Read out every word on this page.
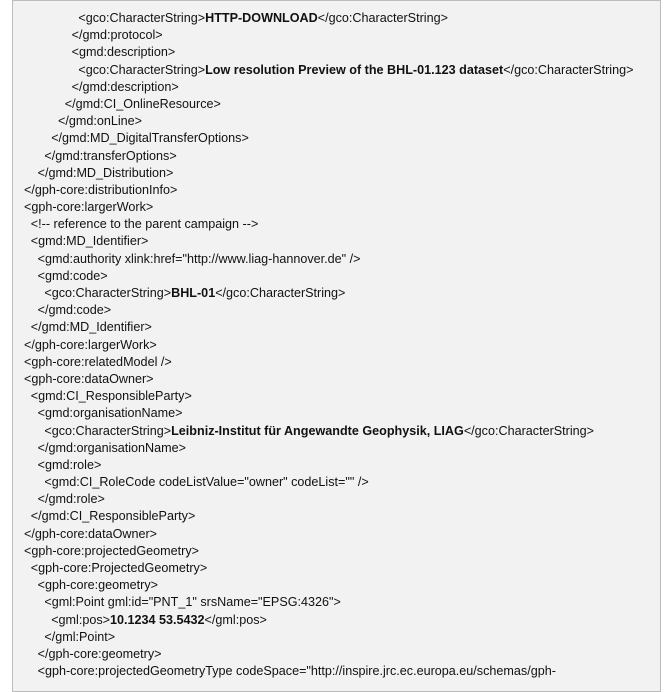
<gco:CharacterString>HTTP-DOWNLOAD</gco:CharacterString>
</gmd:protocol>
<gmd:description>
<gco:CharacterString>Low resolution Preview of the BHL-01.123 dataset</gco:CharacterString>
</gmd:description>
</gmd:CI_OnlineResource>
</gmd:onLine>
</gmd:MD_DigitalTransferOptions>
</gmd:transferOptions>
</gmd:MD_Distribution>
</gph-core:distributionInfo>
<gph-core:largerWork>
<!-- reference to the parent campaign -->
<gmd:MD_Identifier>
<gmd:authority xlink:href="http://www.liag-hannover.de" />
<gmd:code>
<gco:CharacterString>BHL-01</gco:CharacterString>
</gmd:code>
</gmd:MD_Identifier>
</gph-core:largerWork>
<gph-core:relatedModel />
<gph-core:dataOwner>
<gmd:CI_ResponsibleParty>
<gmd:organisationName>
<gco:CharacterString>Leibniz-Institut für Angewandte Geophysik, LIAG</gco:CharacterString>
</gmd:organisationName>
<gmd:role>
<gmd:CI_RoleCode codeListValue="owner" codeList="" />
</gmd:role>
</gmd:CI_ResponsibleParty>
</gph-core:dataOwner>
<gph-core:projectedGeometry>
<gph-core:ProjectedGeometry>
<gph-core:geometry>
<gml:Point gml:id="PNT_1" srsName="EPSG:4326">
<gml:pos>10.1234 53.5432</gml:pos>
</gml:Point>
</gph-core:geometry>
<gph-core:projectedGeometryType codeSpace="http://inspire.jrc.ec.europa.eu/schemas/gph-
